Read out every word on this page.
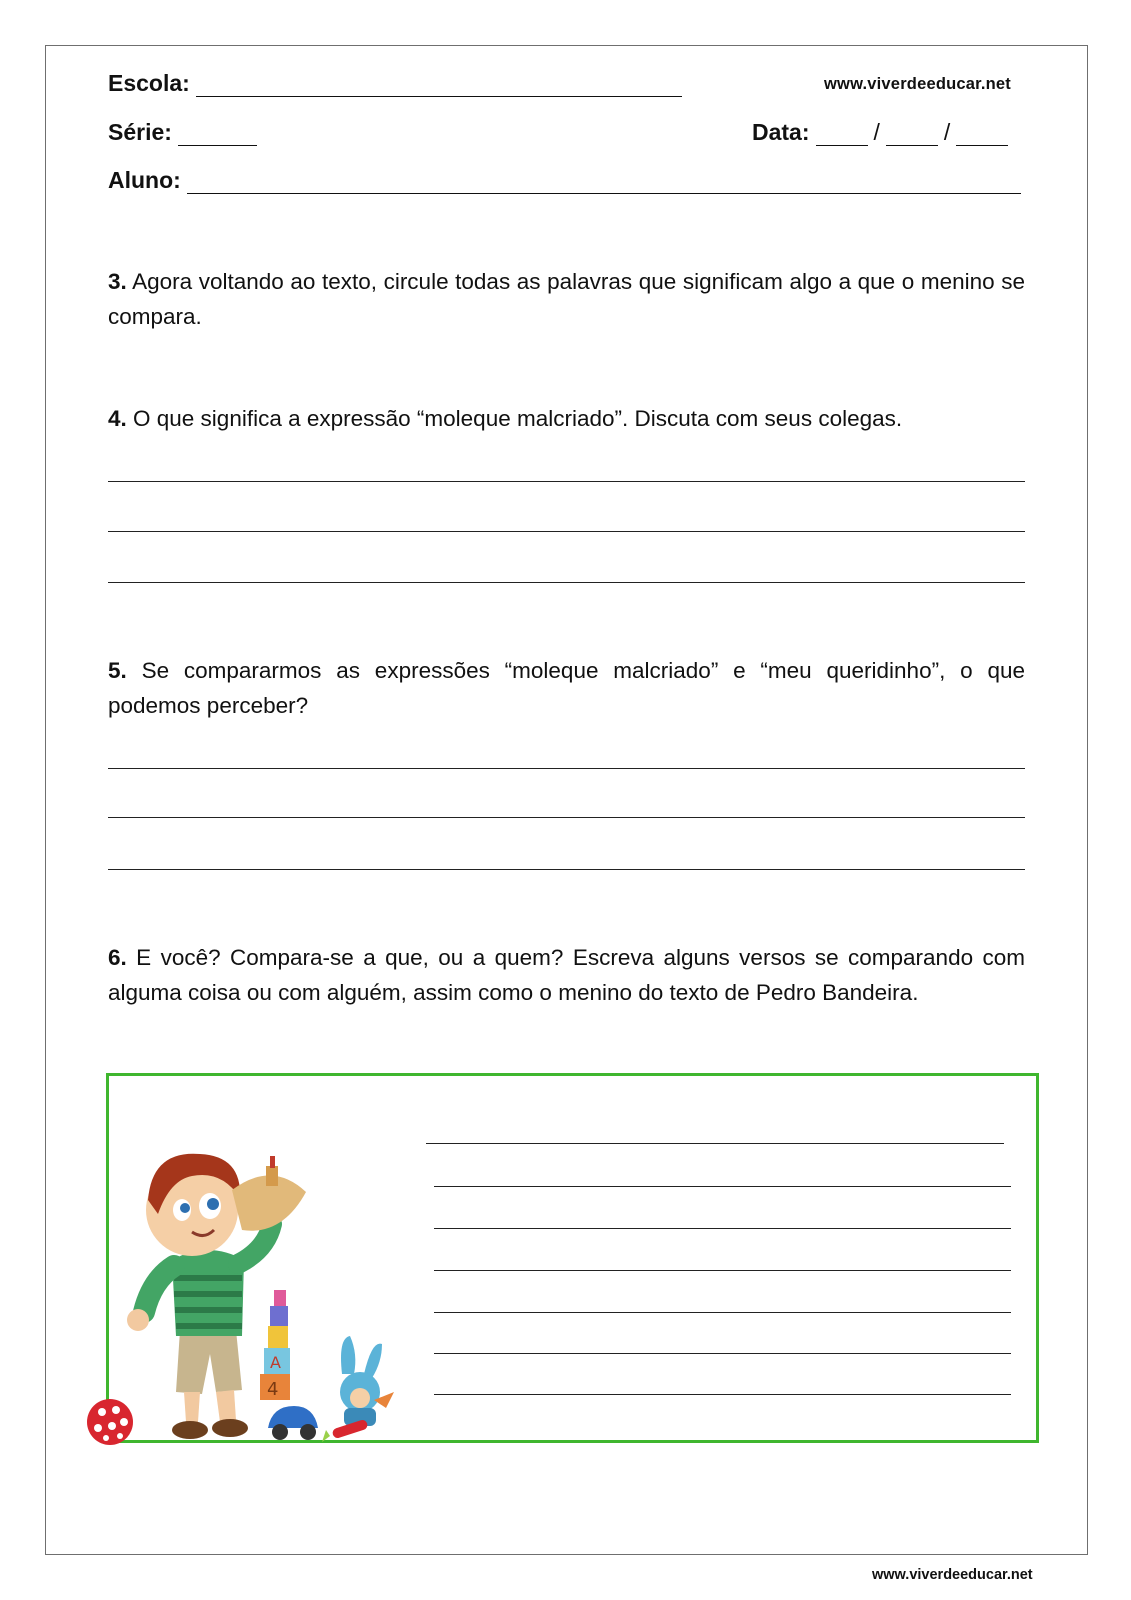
Escola:	www.viverdeeducar.net
Série:	Data:	/	/
Aluno:
3. Agora voltando ao texto, circule todas as palavras que significam algo a que o menino se compara.
4. O que significa a expressão “moleque malcriado”. Discuta com seus colegas.
5. Se compararmos as expressões “moleque malcriado” e “meu queridinho”, o que podemos perceber?
6. E você? Compara-se a que, ou a quem? Escreva alguns versos se comparando com alguma coisa ou com alguém, assim como o menino do texto de Pedro Bandeira.
4
A
www.viverdeeducar.net
